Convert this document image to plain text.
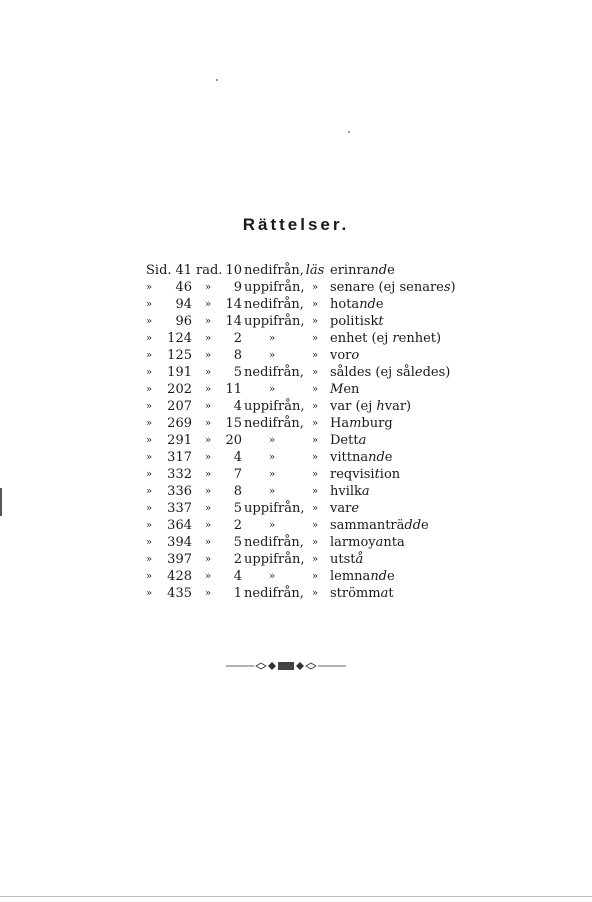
Rättelser.
Sid. 41 rad. 10 nedifrån, läs erinrande
»	46	»	9 uppifrån, » senare (ej senares)
»	94	»	14 nedifrån, » hotande
»	96	»	14 uppifrån, » politiskt
»	124	»	2	»	» enhet (ej renhet)
»	125	»	8	»	» voro
»	191	»	5 nedifrån, » såldes (ej således)
»	202	»	11	»	» Men
»	207	»	4 uppifrån, » var (ej hvar)
»	269	»	15 nedifrån, » Hamburg
»	291	»	20	»	» Detta
»	317	»	4	»	» vittnande
»	332	»	7	»	» reqvisition
»	336	»	8	»	» hvilka
»	337	»	5 uppifrån, » vare
»	364	»	2	»	» sammanträdde
»	394	»	5 nedifrån, » larmoyanta
»	397	»	2 uppifrån, » utstå
»	428	»	4	»	» lemnande
»	435	»	1 nedifrån, » strömmat
